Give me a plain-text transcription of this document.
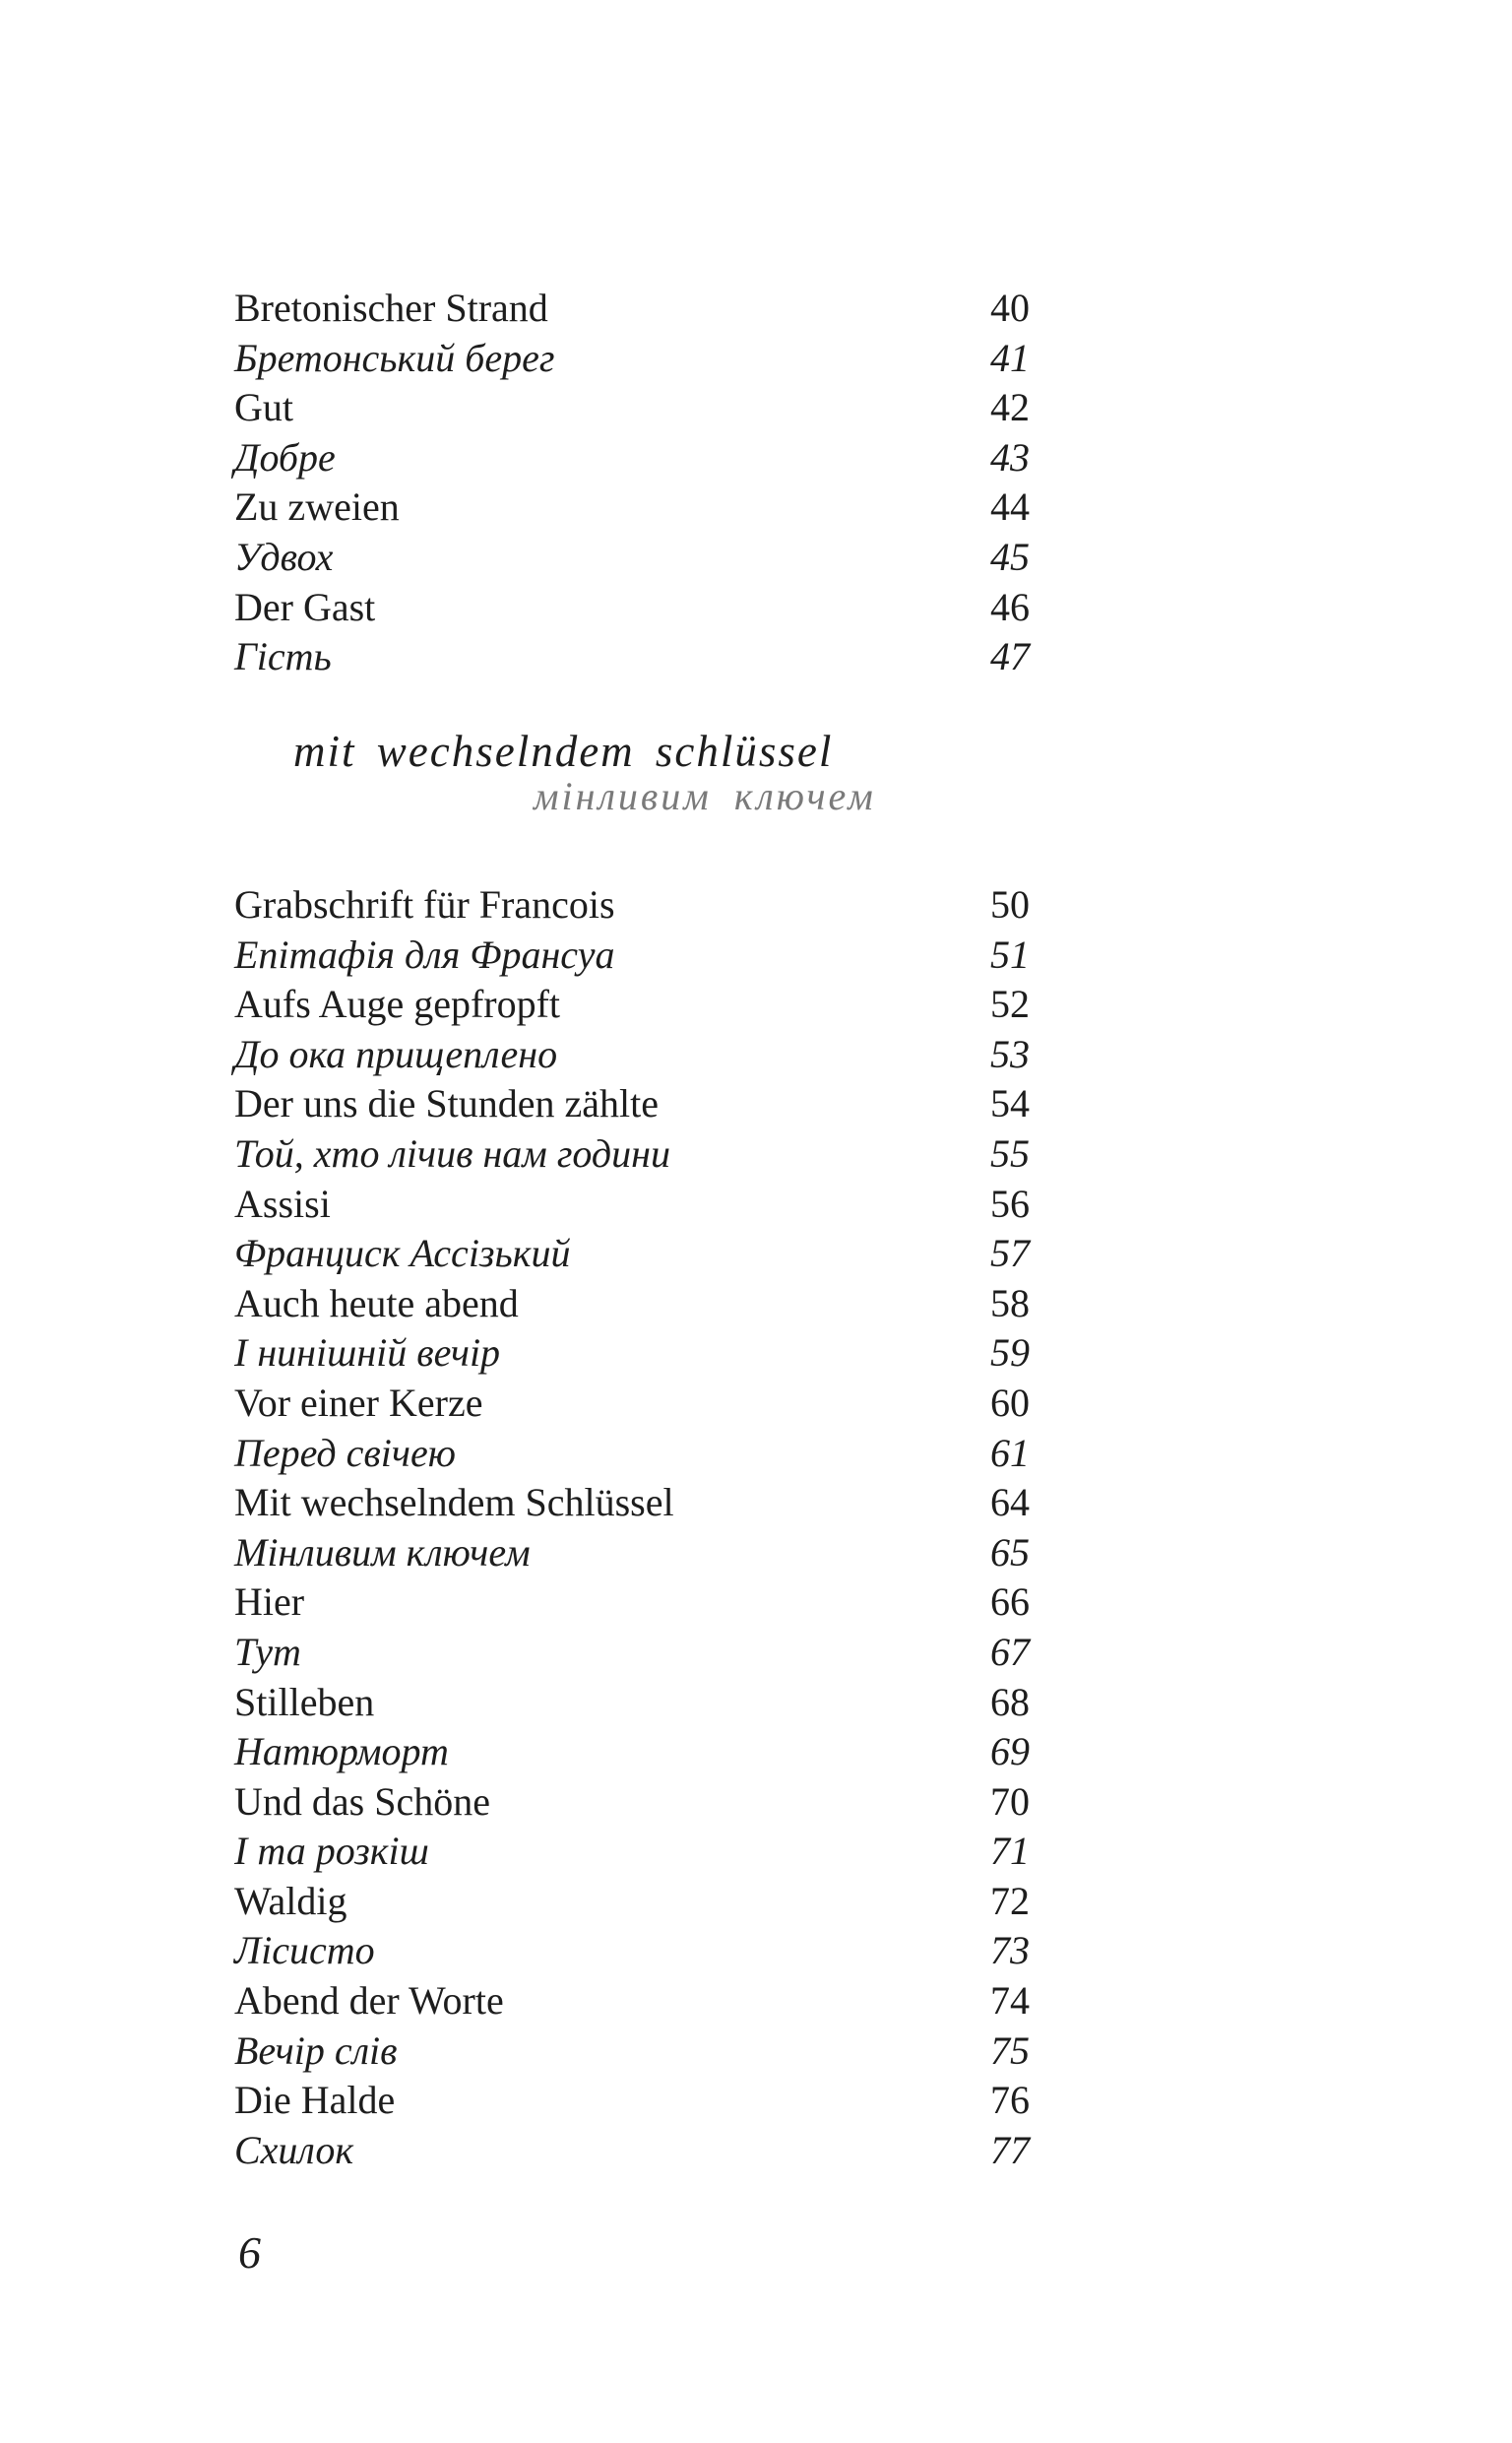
Bretonischer Strand	40
Бретонський берег	41
Gut	42
Добре	43
Zu zweien	44
Удвох	45
Der Gast	46
Гість	47
mit wechselndem schlüssel
мінливим ключем
Grabschrift für Francois	50
Епітафія для Франсуа	51
Aufs Auge gepfropft	52
До ока прищеплено	53
Der uns die Stunden zählte	54
Той, хто лічив нам години	55
Assisi	56
Франциск Ассізький	57
Auch heute abend	58
І нинішній вечір	59
Vor einer Kerze	60
Перед свічею	61
Mit wechselndem Schlüssel	64
Мінливим ключем	65
Hier	66
Тут	67
Stilleben	68
Натюрморт	69
Und das Schöne	70
І та розкіш	71
Waldig	72
Лісисто	73
Abend der Worte	74
Вечір слів	75
Die Halde	76
Схилок	77
6
